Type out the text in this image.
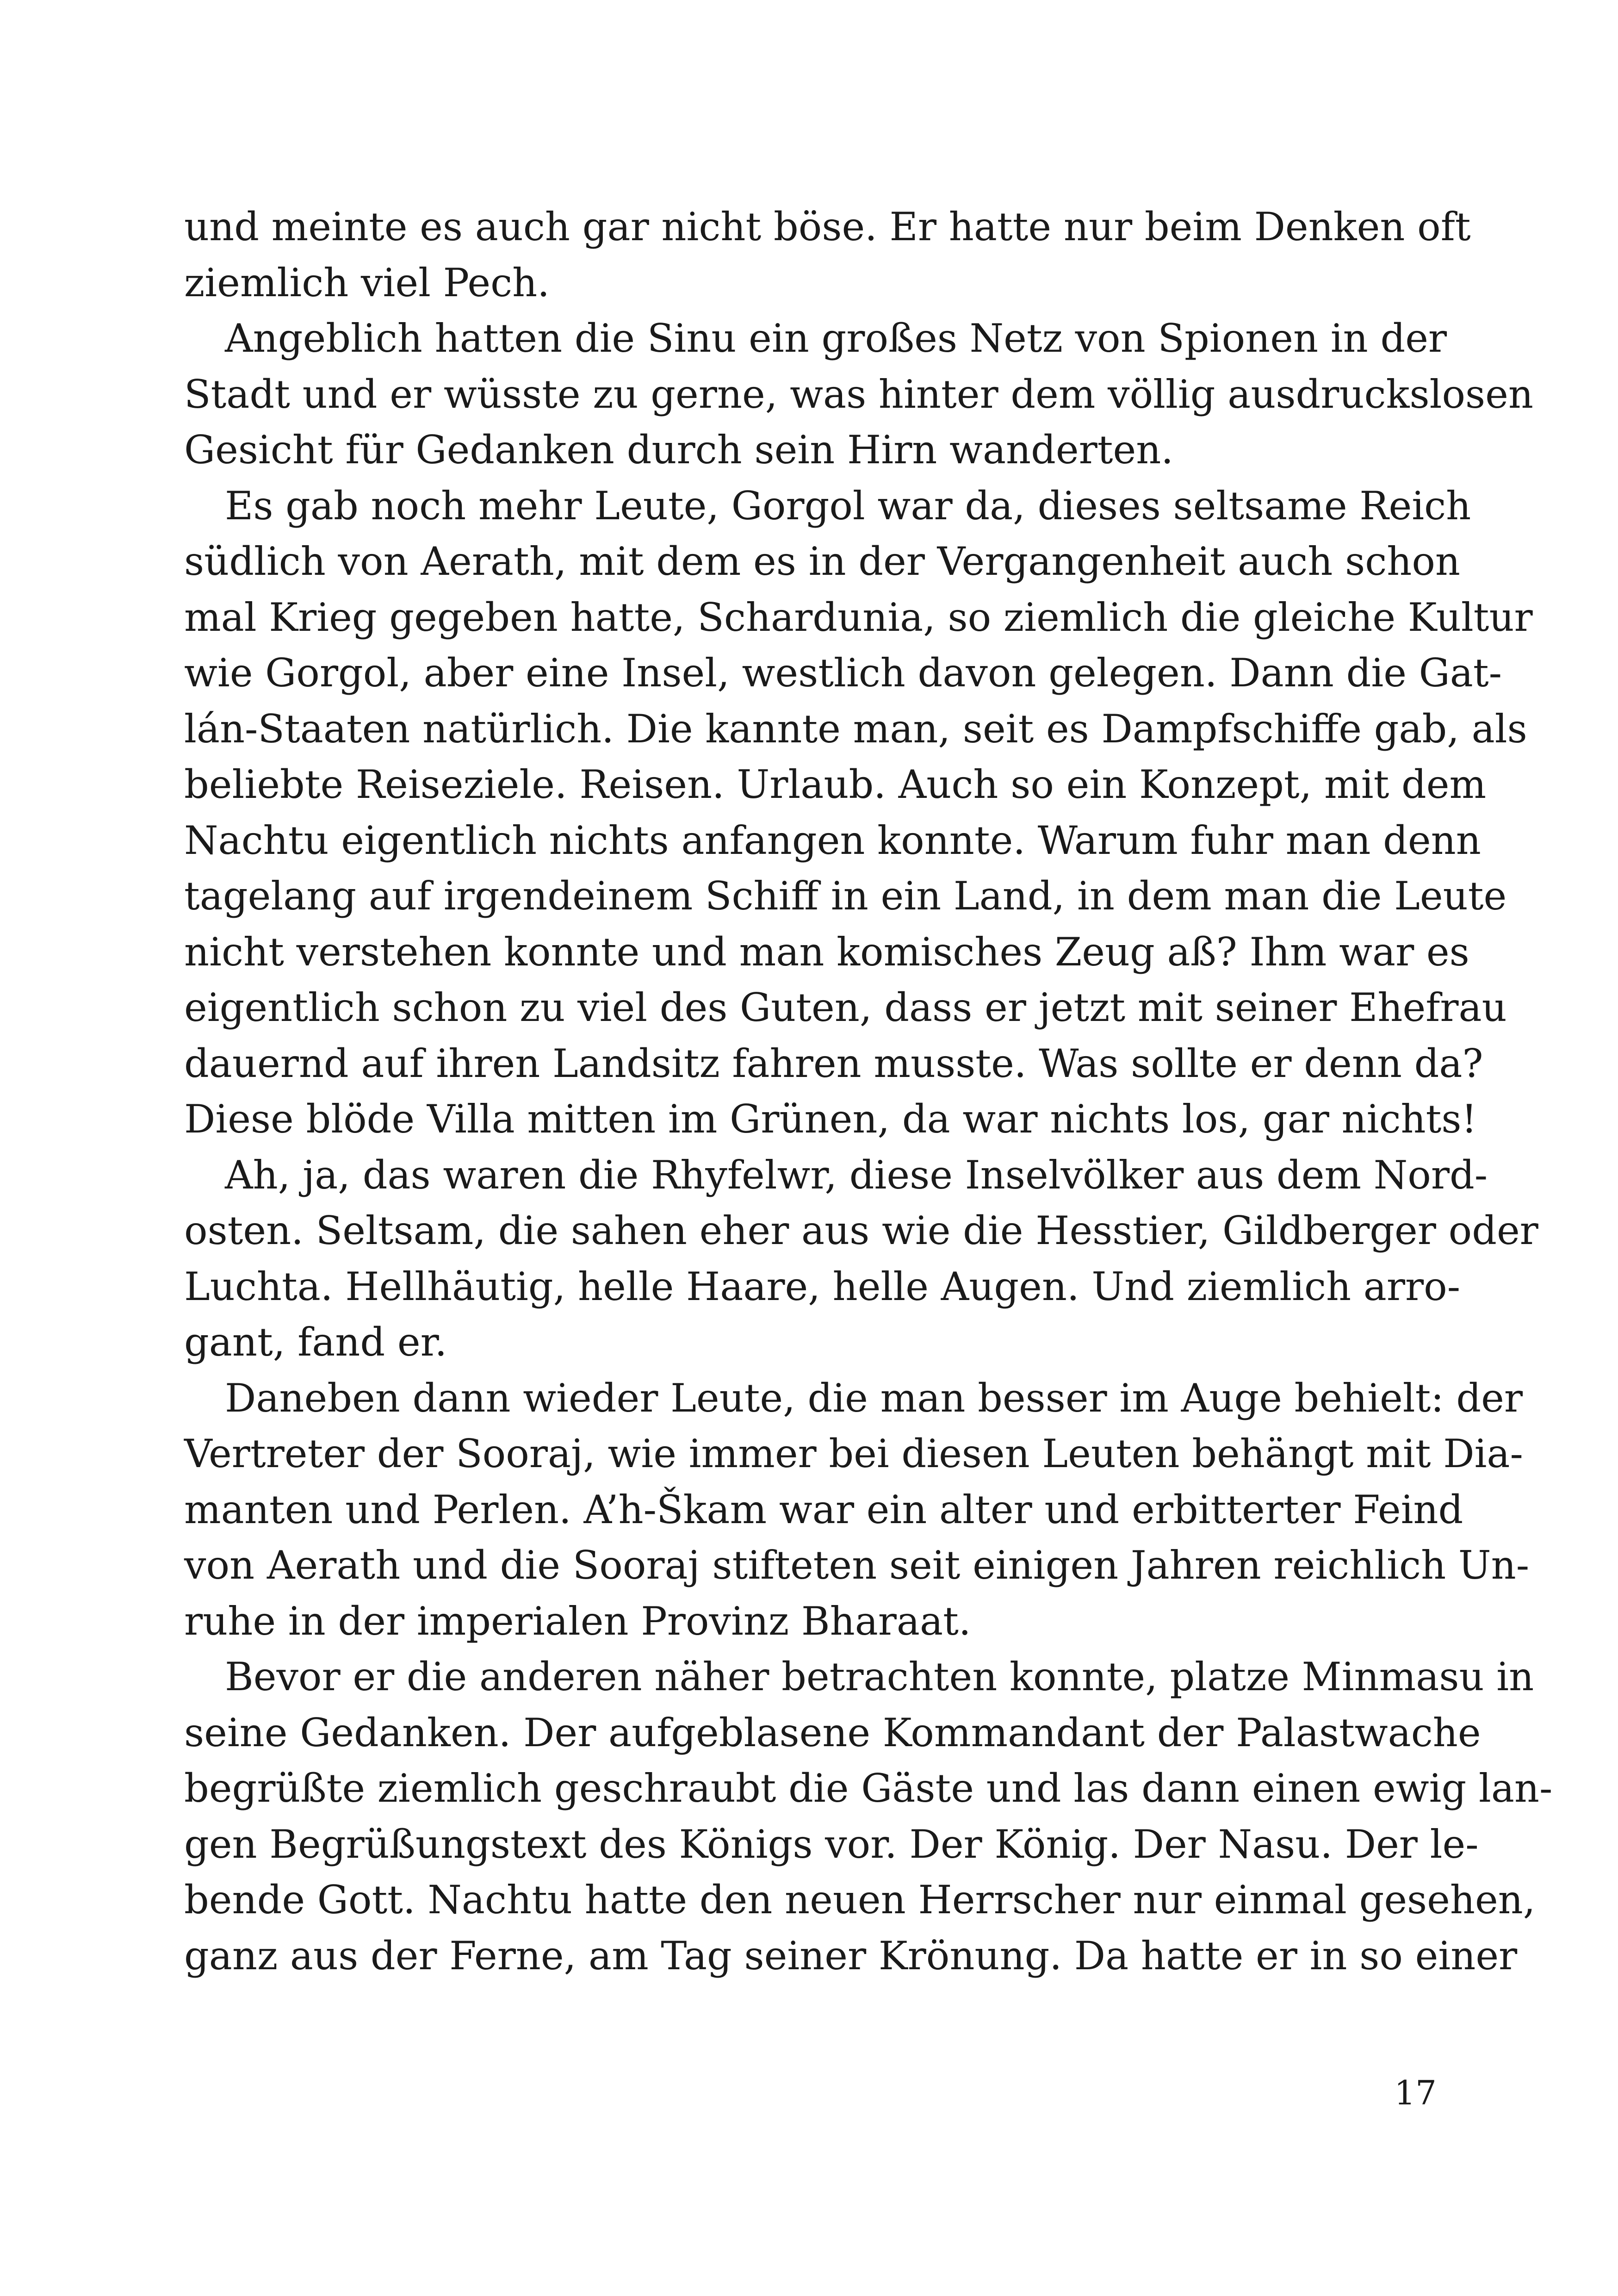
und meinte es auch gar nicht böse. Er hatte nur beim Denken oft
ziemlich viel Pech.
Angeblich hatten die Sinu ein großes Netz von Spionen in der
Stadt und er wüsste zu gerne, was hinter dem völlig ausdruckslosen
Gesicht für Gedanken durch sein Hirn wanderten.
Es gab noch mehr Leute, Gorgol war da, dieses seltsame Reich
südlich von Aerath, mit dem es in der Vergangenheit auch schon
mal Krieg gegeben hatte, Schardunia, so ziemlich die gleiche Kultur
wie Gorgol, aber eine Insel, westlich davon gelegen. Dann die Gat-
lán-Staaten natürlich. Die kannte man, seit es Dampfschiffe gab, als
beliebte Reiseziele. Reisen. Urlaub. Auch so ein Konzept, mit dem
Nachtu eigentlich nichts anfangen konnte. Warum fuhr man denn
tagelang auf irgendeinem Schiff in ein Land, in dem man die Leute
nicht verstehen konnte und man komisches Zeug aß? Ihm war es
eigentlich schon zu viel des Guten, dass er jetzt mit seiner Ehefrau
dauernd auf ihren Landsitz fahren musste. Was sollte er denn da?
Diese blöde Villa mitten im Grünen, da war nichts los, gar nichts!
Ah, ja, das waren die Rhyfelwr, diese Inselvölker aus dem Nord-
osten. Seltsam, die sahen eher aus wie die Hesstier, Gildberger oder
Luchta. Hellhäutig, helle Haare, helle Augen. Und ziemlich arro-
gant, fand er.
Daneben dann wieder Leute, die man besser im Auge behielt: der
Vertreter der Sooraj, wie immer bei diesen Leuten behängt mit Dia-
manten und Perlen. A’h-Škam war ein alter und erbitterter Feind
von Aerath und die Sooraj stifteten seit einigen Jahren reichlich Un-
ruhe in der imperialen Provinz Bharaat.
Bevor er die anderen näher betrachten konnte, platze Minmasu in
seine Gedanken. Der aufgeblasene Kommandant der Palastwache
begrüßte ziemlich geschraubt die Gäste und las dann einen ewig lan-
gen Begrüßungstext des Königs vor. Der König. Der Nasu. Der le-
bende Gott. Nachtu hatte den neuen Herrscher nur einmal gesehen,
ganz aus der Ferne, am Tag seiner Krönung. Da hatte er in so einer
17
